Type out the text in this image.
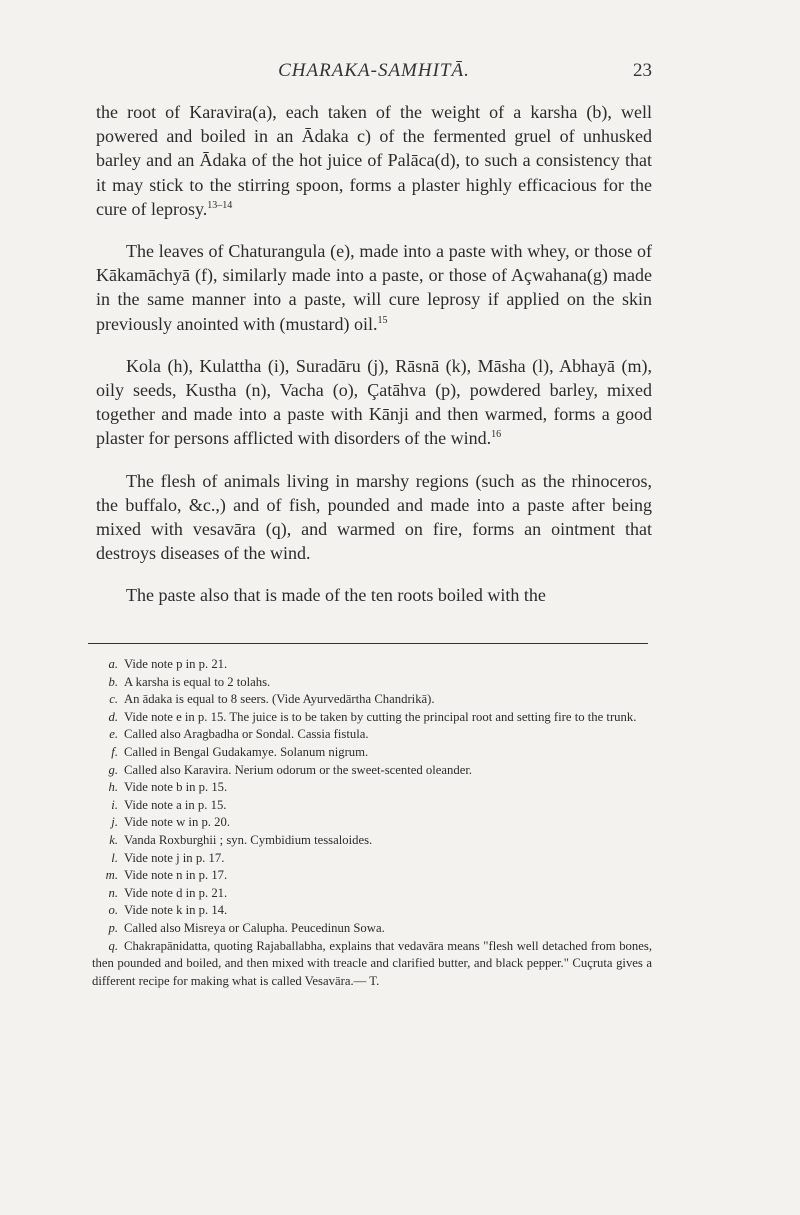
CHARAKA-SAMHITĀ.	23

the root of Karavira(a), each taken of the weight of a karsha (b), well powered and boiled in an Ādaka c) of the fermented gruel of unhusked barley and an Ādaka of the hot juice of Palāca(d), to such a consistency that it may stick to the stirring spoon, forms a plaster highly efficacious for the cure of leprosy.$^{13-14}$

The leaves of Chaturangula (e), made into a paste with whey, or those of Kākamāchyā (f), similarly made into a paste, or those of Açwahana(g) made in the same manner into a paste, will cure leprosy if applied on the skin previously anointed with (mustard) oil.$^{15}$

Kola (h), Kulattha (i), Suradāru (j), Rāsnā (k), Māsha (l), Abhayā (m), oily seeds, Kustha (n), Vacha (o), Çatāhva (p), powdered barley, mixed together and made into a paste with Kānji and then warmed, forms a good plaster for persons afflicted with disorders of the wind.$^{16}$

The flesh of animals living in marshy regions (such as the rhinoceros, the buffalo, &c.,) and of fish, pounded and made into a paste after being mixed with vesavāra (q), and warmed on fire, forms an ointment that destroys diseases of the wind.

The paste also that is made of the ten roots boiled with the

a. Vide note p in p. 21.

b. A karsha is equal to 2 tolahs.

c. An ādaka is equal to 8 seers. (Vide Ayurvedārtha Chandrikā).

d. Vide note e in p. 15. The juice is to be taken by cutting the principal root and setting fire to the trunk.

e. Called also Aragbadha or Sondal. Cassia fistula.

f. Called in Bengal Gudakamye. Solanum nigrum.

g. Called also Karavira. Nerium odorum or the sweet-scented oleander.

h. Vide note b in p. 15.

i. Vide note a in p. 15.

j. Vide note w in p. 20.

k. Vanda Roxburghii ; syn. Cymbidium tessaloides.

l. Vide note j in p. 17.

m. Vide note n in p. 17.

n. Vide note d in p. 21.

o. Vide note k in p. 14.

p. Called also Misreya or Calupha. Peucedinun Sowa.

q. Chakrapānidatta, quoting Rajaballabha, explains that vedavāra means "flesh well detached from bones, then pounded and boiled, and then mixed with treacle and clarified butter, and black pepper." Cuçruta gives a different recipe for making what is called Vesavāra.— T.
